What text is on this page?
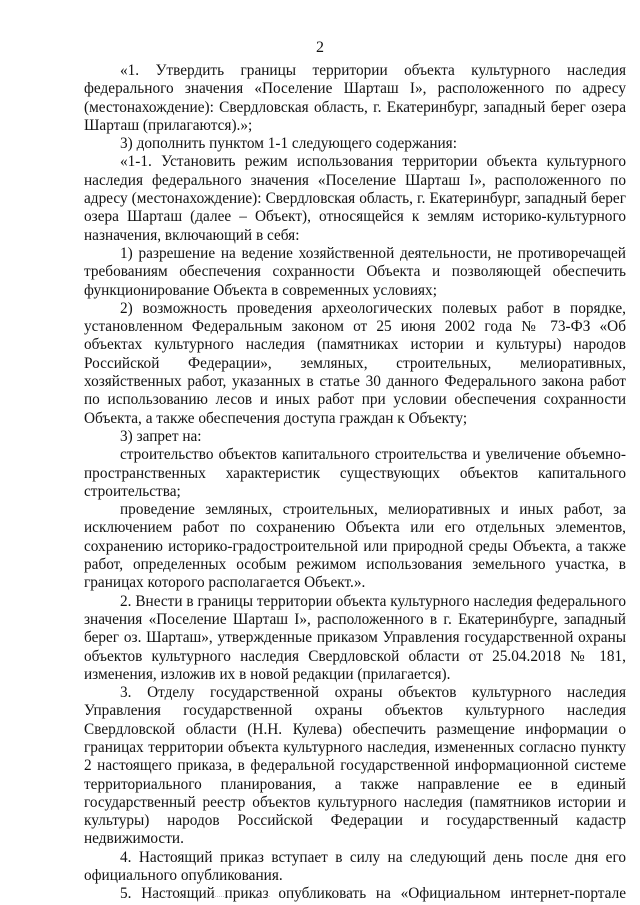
2

«1. Утвердить границы территории объекта культурного наследия федерального значения «Поселение Шарташ I», расположенного по адресу (местонахождение): Свердловская область, г. Екатеринбург, западный берег озера Шарташ (прилагаются).»;

3) дополнить пунктом 1-1 следующего содержания:

«1-1. Установить режим использования территории объекта культурного наследия федерального значения «Поселение Шарташ I», расположенного по адресу (местонахождение): Свердловская область, г. Екатеринбург, западный берег озера Шарташ (далее – Объект), относящейся к землям историко-культурного назначения, включающий в себя:

1) разрешение на ведение хозяйственной деятельности, не противоречащей требованиям обеспечения сохранности Объекта и позволяющей обеспечить функционирование Объекта в современных условиях;

2) возможность проведения археологических полевых работ в порядке, установленном Федеральным законом от 25 июня 2002 года № 73-ФЗ «Об объектах культурного наследия (памятниках истории и культуры) народов Российской Федерации», земляных, строительных, мелиоративных, хозяйственных работ, указанных в статье 30 данного Федерального закона работ по использованию лесов и иных работ при условии обеспечения сохранности Объекта, а также обеспечения доступа граждан к Объекту;

3) запрет на:

строительство объектов капитального строительства и увеличение объемно-пространственных характеристик существующих объектов капитального строительства;

проведение земляных, строительных, мелиоративных и иных работ, за исключением работ по сохранению Объекта или его отдельных элементов, сохранению историко-градостроительной или природной среды Объекта, а также работ, определенных особым режимом использования земельного участка, в границах которого располагается Объект.».

2. Внести в границы территории объекта культурного наследия федерального значения «Поселение Шарташ I», расположенного в г. Екатеринбурге, западный берег оз. Шарташ», утвержденные приказом Управления государственной охраны объектов культурного наследия Свердловской области от 25.04.2018 № 181, изменения, изложив их в новой редакции (прилагается).

3. Отделу государственной охраны объектов культурного наследия Управления государственной охраны объектов культурного наследия Свердловской области (Н.Н. Кулева) обеспечить размещение информации о границах территории объекта культурного наследия, измененных согласно пункту 2 настоящего приказа, в федеральной государственной информационной системе территориального планирования, а также направление ее в единый государственный реестр объектов культурного наследия (памятников истории и культуры) народов Российской Федерации и государственный кадастр недвижимости.

4. Настоящий приказ вступает в силу на следующий день после дня его официального опубликования.

5. Настоящий приказ опубликовать на «Официальном интернет-портале
